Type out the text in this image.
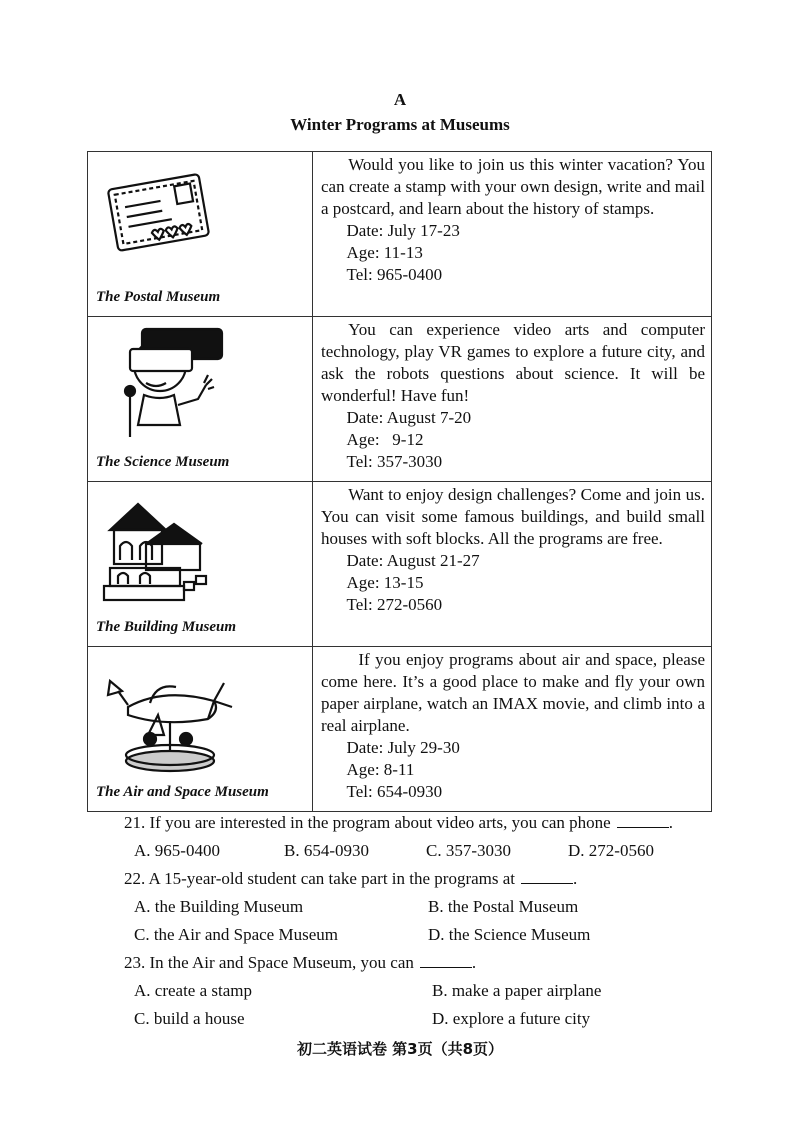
A
Winter Programs at Museums
The Postal Museum	Would you like to join us this winter vacation? You can create a stamp with your own design, write and mail a postcard, and learn about the history of stamps.

Date: July 17-23
Age: 11-13
Tel: 965-0400

The Science Museum	You can experience video arts and computer technology, play VR games to explore a future city, and ask the robots questions about science. It will be wonderful! Have fun!

Date: August 7-20
Age:   9-12
Tel: 357-3030

The Building Museum	Want to enjoy design challenges? Come and join us. You can visit some famous buildings, and build small houses with soft blocks. All the programs are free.

Date: August 21-27
Age: 13-15
Tel: 272-0560

The Air and Space Museum	If you enjoy programs about air and space, please come here. It’s a good place to make and fly your own paper airplane, watch an IMAX movie, and climb into a real airplane.

Date: July 29-30
Age: 8-11
Tel: 654-0930

21. If you are interested in the program about video arts, you can phone	.

A. 965-0400	B. 654-0930	C. 357-3030	D. 272-0560

22. A 15-year-old student can take part in the programs at	.

A. the Building Museum	B. the Postal Museum
C. the Air and Space Museum	D. the Science Museum

23. In the Air and Space Museum, you can	.

A. create a stamp	B. make a paper airplane
C. build a house	D. explore a future city
初二英语试卷 第3页（共8页）
